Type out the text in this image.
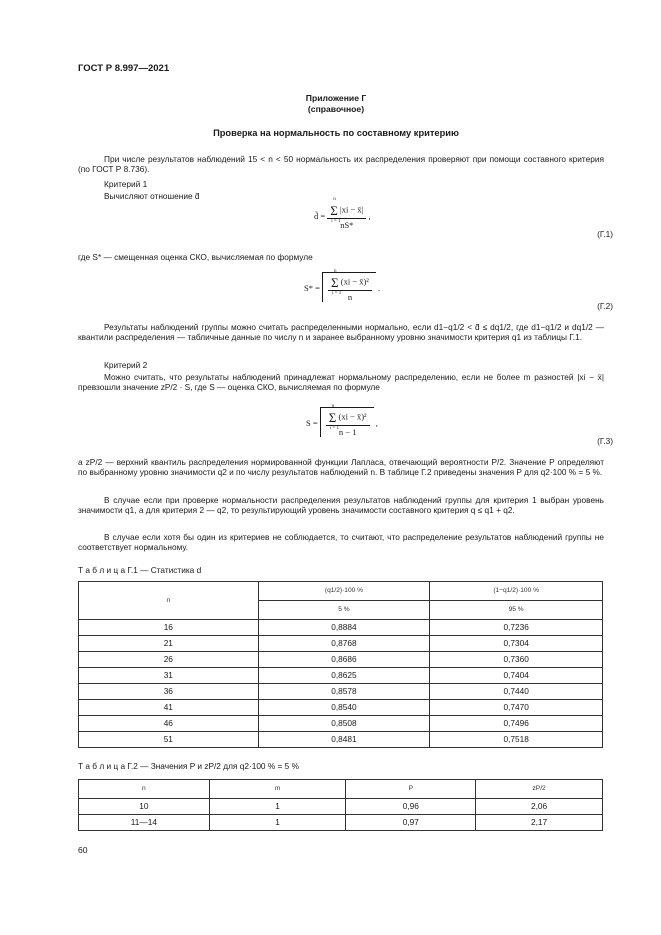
ГОСТ Р 8.997—2021
Приложение Г
(справочное)
Проверка на нормальность по составному критерию
При числе результатов наблюдений 15 < n < 50 нормальность их распределения проверяют при помощи составного критерия (по ГОСТ Р 8.736).
Критерий 1
Вычисляют отношение d̃
d̃ = Σ
n
i = 1
|xi − x̄|
nS* ,
(Г.1)
где S* — смещенная оценка СКО, вычисляемая по формуле
S* = Σ
n
i = 1
(xi − x̄)²
n .
(Г.2)
Результаты наблюдений группы можно считать распределенными нормально, если d1−q1/2 < d̃ ≤ dq1/2, где d1−q1/2 и dq1/2 — квантили распределения — табличные данные по числу n и заранее выбранному уровню значимости критерия q1 из таблицы Г.1.
Критерий 2
Можно считать, что результаты наблюдений принадлежат нормальному распределению, если не более m разностей |xi − x̄| превзошли значение zP/2 · S, где S — оценка СКО, вычисляемая по формуле
S = Σ
n
i = 1
(xi − x̄)²
n − 1 ,
(Г.3)
а zP/2 — верхний квантиль распределения нормированной функции Лапласа, отвечающий вероятности P/2. Значение P определяют по выбранному уровню значимости q2 и по числу результатов наблюдений n. В таблице Г.2 приведены значения P для q2·100 % = 5 %.
В случае если при проверке нормальности распределения результатов наблюдений группы для критерия 1 выбран уровень значимости q1, а для критерия 2 — q2, то результирующий уровень значимости составного критерия q ≤ q1 + q2.
В случае если хотя бы один из критериев не соблюдается, то считают, что распределение результатов наблюдений группы не соответствует нормальному.
Т а б л и ц а Г.1 — Статистика d
n	(q1/2)·100 %	(1−q1/2)·100 %
	5 %	95 %
16	0,8884	0,7236
21	0,8768	0,7304
26	0,8686	0,7360
31	0,8625	0,7404
36	0,8578	0,7440
41	0,8540	0,7470
46	0,8508	0,7496
51	0,8481	0,7518
Т а б л и ц а Г.2 — Значения P и zP/2 для q2·100 % = 5 %
n	m	P	zP/2
10	1	0,96	2,06
11—14	1	0,97	2,17
60
